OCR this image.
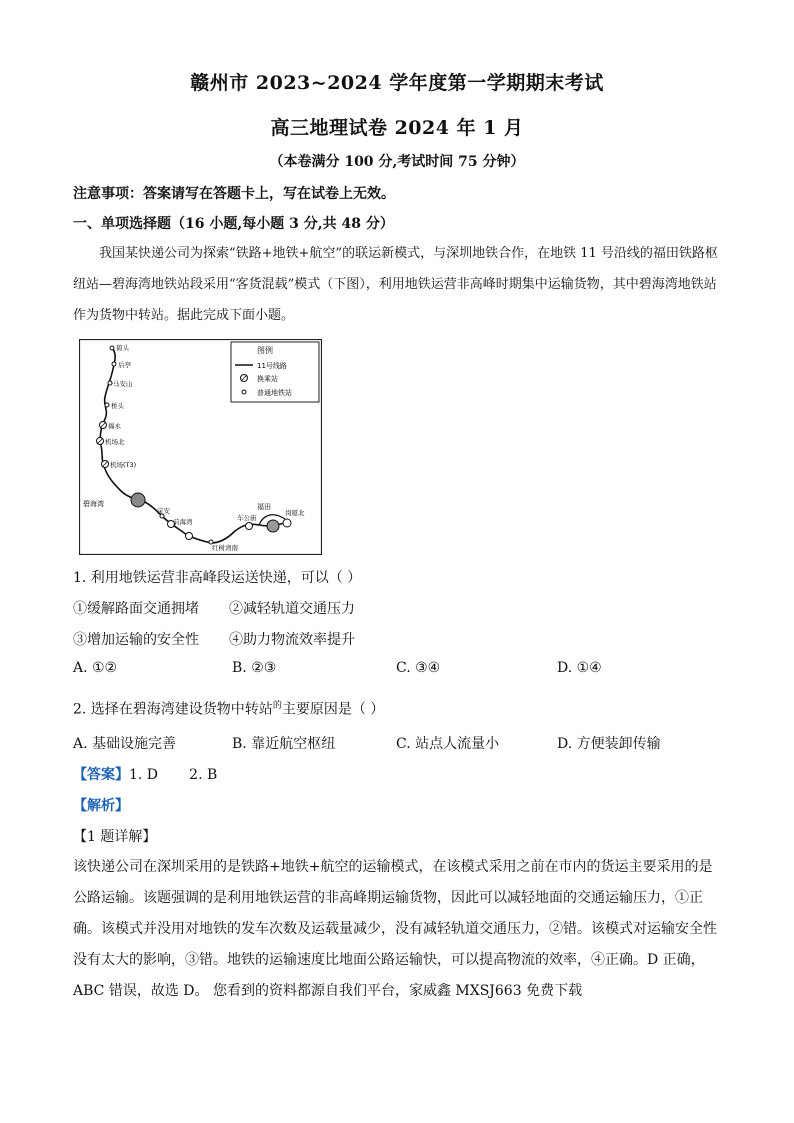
赣州市 2023~2024 学年度第一学期期末考试
高三地理试卷 2024 年 1 月
（本卷满分 100 分,考试时间 75 分钟）
注意事项：答案请写在答题卡上，写在试卷上无效。
一、单项选择题（16 小题,每小题 3 分,共 48 分）
我国某快递公司为探索“铁路+地铁+航空”的联运新模式，与深圳地铁合作，在地铁 11 号沿线的福田铁路枢纽站—碧海湾地铁站段采用“客货混载”模式（下图），利用地铁运营非高峰时期集中运输货物，其中碧海湾地铁站作为货物中转站。据此完成下面小题。
图例
11号线路
换乘站
普通地铁站
碧头
后亭
马安山
桥头
福永
机场北
机场(T3)
碧海湾
宝安
前海湾
红树湾南
车公庙
福田
岗厦北
1. 利用地铁运营非高峰段运送快递，可以（ ）
①缓解路面交通拥堵 ②减轻轨道交通压力
③增加运输的安全性 ④助力物流效率提升
A. ①②	B. ②③	C. ③④	D. ①④
2. 选择在碧海湾建设货物中转站$^的$主要原因是（ ）
A. 基础设施完善	B. 靠近航空枢纽	C. 站点人流量小	D. 方便装卸传输
【答案】1. D       2. B
【解析】
【1 题详解】
该快递公司在深圳采用的是铁路+地铁+航空的运输模式，在该模式采用之前在市内的货运主要采用的是公路运输。该题强调的是利用地铁运营的非高峰期运输货物，因此可以减轻地面的交通运输压力，①正确。该模式并没用对地铁的发车次数及运载量减少，没有减轻轨道交通压力，②错。该模式对运输安全性没有太大的影响，③错。地铁的运输速度比地面公路运输快，可以提高物流的效率，④正确。D 正确，ABC 错误，故选 D。 您看到的资料都源自我们平台，家威鑫 MXSJ663 免费下载
